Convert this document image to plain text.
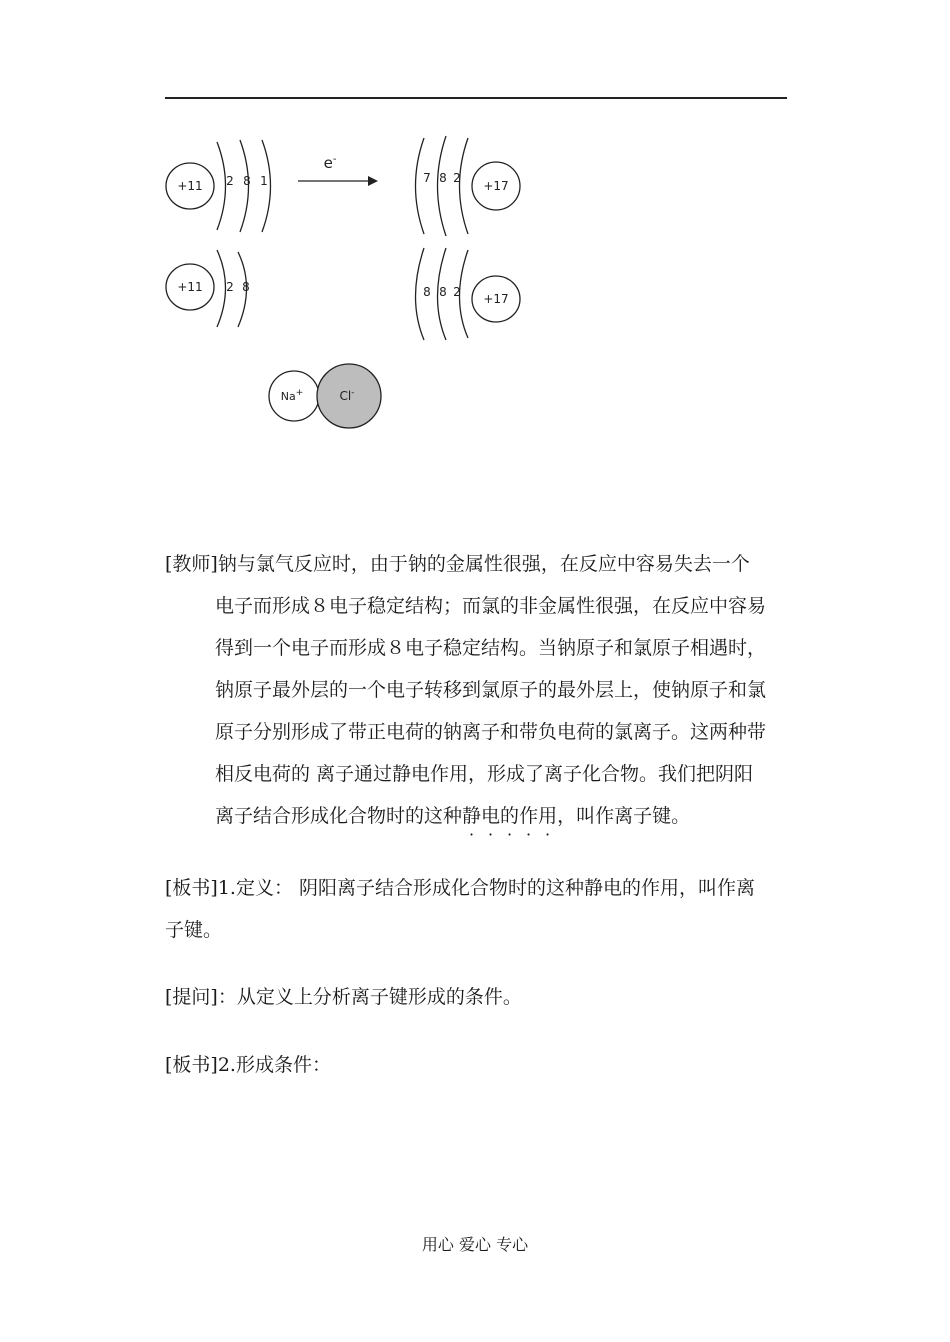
+11 2 8 1
e-
+17
7 8 2
+11 2 8
+17
8 8 2
Na+	Cl-
[教师]钠与氯气反应时，由于钠的金属性很强，在反应中容易失去一个
电子而形成８电子稳定结构；而氯的非金属性很强，在反应中容易
得到一个电子而形成８电子稳定结构。当钠原子和氯原子相遇时，
钠原子最外层的一个电子转移到氯原子的最外层上，使钠原子和氯
原子分别形成了带正电荷的钠离子和带负电荷的氯离子。这两种带
相反电荷的 离子通过静电作用，形成了离子化合物。我们把阴阳
离子结合形成化合物时的这种静电的作用，叫作离子键。
[板书]1.定义： 阴阳离子结合形成化合物时的这种静电的作用，叫作离
子键。
[提问]：从定义上分析离子键形成的条件。
[板书]2.形成条件：
用心 爱心 专心
